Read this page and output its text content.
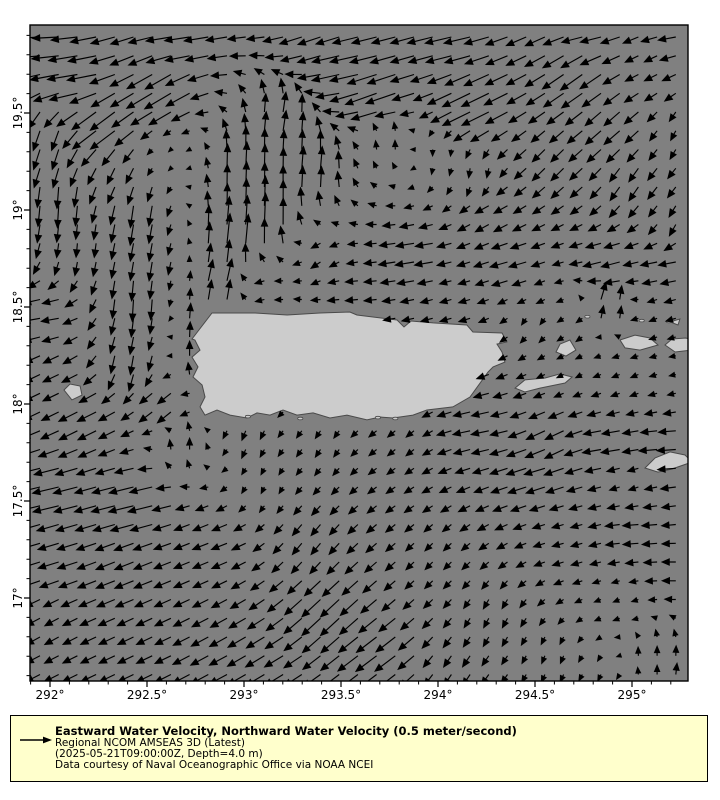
292°	292.5°	293°	293.5°	294°	294.5°	295°
19.5°
19°
18.5°
18°
17.5°
17°
Eastward Water Velocity, Northward Water Velocity (0.5 meter/second)
Regional NCOM AMSEAS 3D (Latest)
(2025-05-21T09:00:00Z, Depth=4.0 m)
Data courtesy of Naval Oceanographic Office via NOAA NCEI
